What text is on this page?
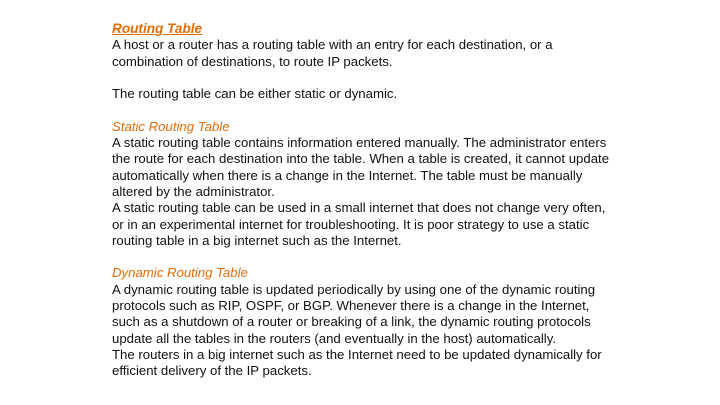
Routing Table

A host or a router has a routing table with an entry for each destination, or a combination of destinations, to route IP packets.

The routing table can be either static or dynamic.

Static Routing Table

A static routing table contains information entered manually. The administrator enters the route for each destination into the table. When a table is created, it cannot update automatically when there is a change in the Internet. The table must be manually altered by the administrator.

A static routing table can be used in a small internet that does not change very often, or in an experimental internet for troubleshooting. It is poor strategy to use a static routing table in a big internet such as the Internet.

Dynamic Routing Table

A dynamic routing table is updated periodically by using one of the dynamic routing protocols such as RIP, OSPF, or BGP. Whenever there is a change in the Internet, such as a shutdown of a router or breaking of a link, the dynamic routing protocols update all the tables in the routers (and eventually in the host) automatically.

The routers in a big internet such as the Internet need to be updated dynamically for efficient delivery of the IP packets.
